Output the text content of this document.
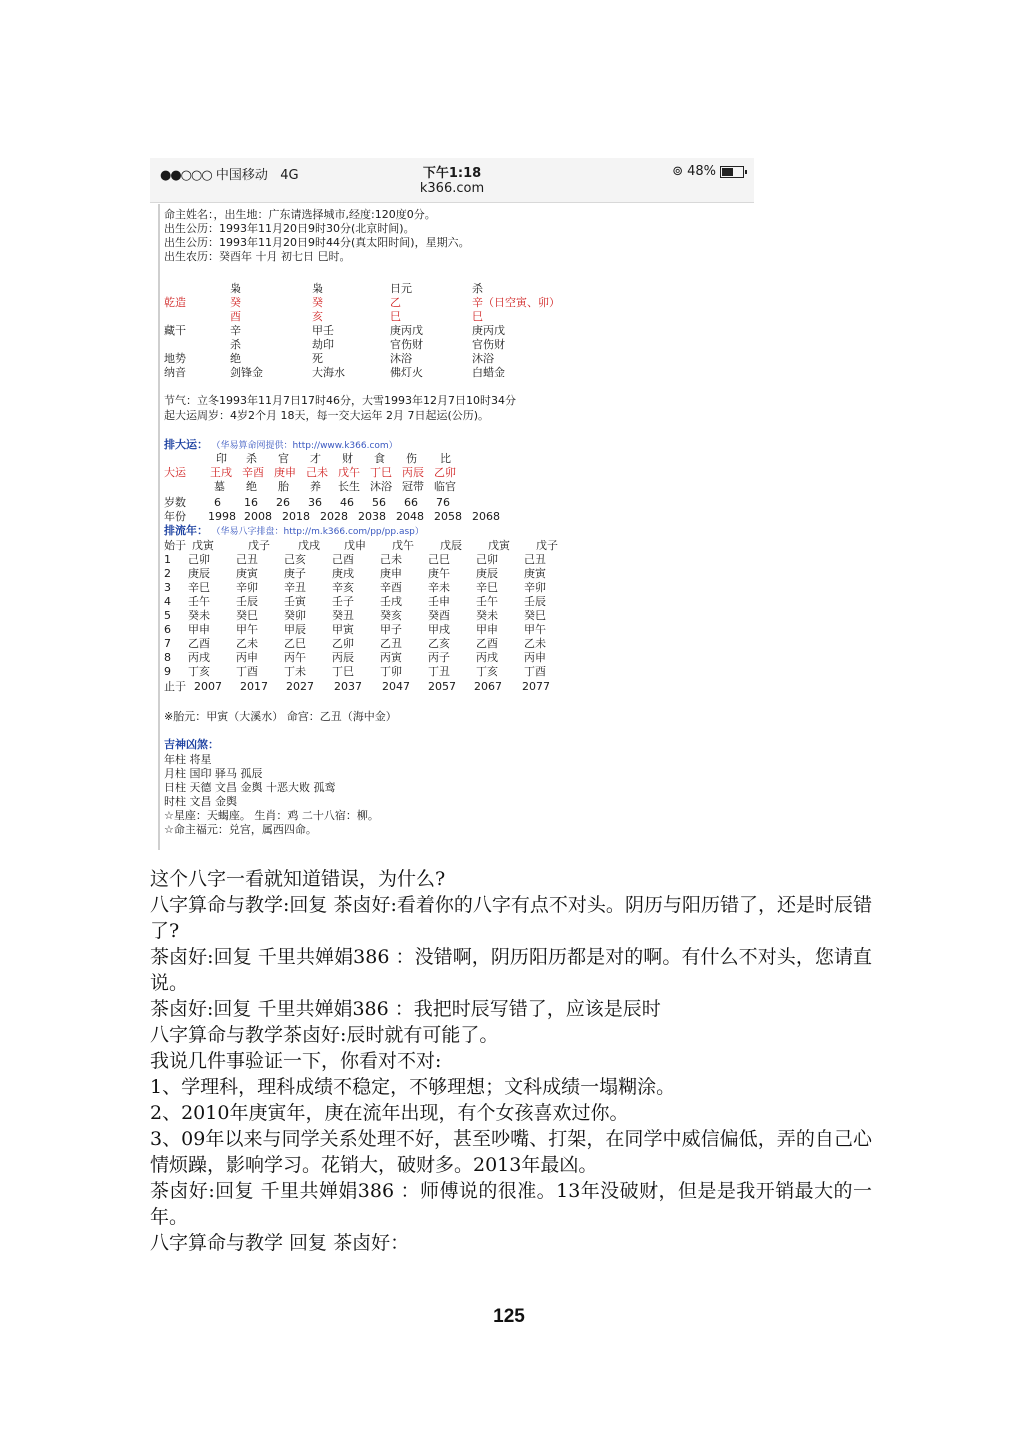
●●○○○ 中国移动 4G	下午1:18
k366.com
⊚ 48%
命主姓名：，出生地：广东请选择城市,经度:120度0分。
出生公历：1993年11月20日9时30分(北京时间)。
出生公历：1993年11月20日9时44分(真太阳时间)，星期六。
出生农历：癸酉年 十月 初七日 巳时。
枭	枭	日元	杀
乾造	癸	癸	乙	辛（日空寅、卯）
酉	亥	巳	巳
藏干	辛	甲壬	庚丙戊	庚丙戊
杀	劫印	官伤财	官伤财
地势	绝	死	沐浴	沐浴
纳音	剑锋金	大海水	佛灯火	白蜡金
节气：立冬1993年11月7日17时46分，大雪1993年12月7日10时34分
起大运周岁：4岁2个月 18天，每一交大运年 2月 7日起运(公历)。
排大运： （华易算命网提供：http://www.k366.com）
印 杀 官 才 财 食 伤 比
大运 王戌 辛酉 庚申 己未 戊午 丁巳 丙辰 乙卯
墓 绝 胎 养 长生 沐浴 冠带 临官
岁数	6 16 26 36 46 56 66 76
年份 1998 2008 2018 2028 2038 2048 2058 2068
排流年： （华易八字排盘：http://m.k366.com/pp/pp.asp）
始于 戊寅	戊子	戊戌 戊申 戊午 戊辰 戊寅 戊子
1 己卯 己丑 己亥 己酉 己未 己巳 己卯 己丑
2 庚辰 庚寅 庚子 庚戌 庚申 庚午 庚辰 庚寅
3 辛巳 辛卯 辛丑 辛亥 辛酉 辛未 辛巳 辛卯
4 壬午 壬辰 壬寅 壬子 壬戌 壬申 壬午 壬辰
5 癸未 癸巳 癸卯 癸丑 癸亥 癸酉 癸未 癸巳
6 甲申 甲午 甲辰 甲寅 甲子 甲戌 甲申 甲午
7 乙酉 乙未 乙巳 乙卯 乙丑 乙亥 乙酉 乙未
8 丙戌 丙申 丙午 丙辰 丙寅 丙子 丙戌 丙申
9 丁亥 丁酉 丁未 丁巳 丁卯 丁丑 丁亥 丁酉
止于 2007 2017 2027 2037 2047 2057 2067 2077
※胎元：甲寅（大溪水） 命宫：乙丑（海中金）
吉神凶煞：
年柱 将星
月柱 国印 驿马 孤辰
日柱 天德 文昌 金舆 十恶大败 孤鸾
时柱 文昌 金舆
☆星座：天蝎座。 生肖：鸡 二十八宿：柳。
☆命主福元：兑宫，属西四命。
这个八字一看就知道错误，为什么?
八字算命与教学:回复 茶卤好:看着你的八字有点不对头。阴历与阳历错了，还是时辰错了?
茶卤好:回复 千里共婵娟386 ：没错啊，阴历阳历都是对的啊。有什么不对头，您请直说。
茶卤好:回复 千里共婵娟386 ：我把时辰写错了，应该是辰时
八字算命与教学茶卤好:辰时就有可能了。
我说几件事验证一下，你看对不对:
1、学理科，理科成绩不稳定，不够理想；文科成绩一塌糊涂。
2、2010年庚寅年，庚在流年出现，有个女孩喜欢过你。
3、09年以来与同学关系处理不好，甚至吵嘴、打架，在同学中威信偏低，弄的自己心情烦躁，影响学习。花销大，破财多。2013年最凶。
茶卤好:回复 千里共婵娟386 ：师傅说的很准。13年没破财，但是是我开销最大的一年。
八字算命与教学 回复 茶卤好：
125
